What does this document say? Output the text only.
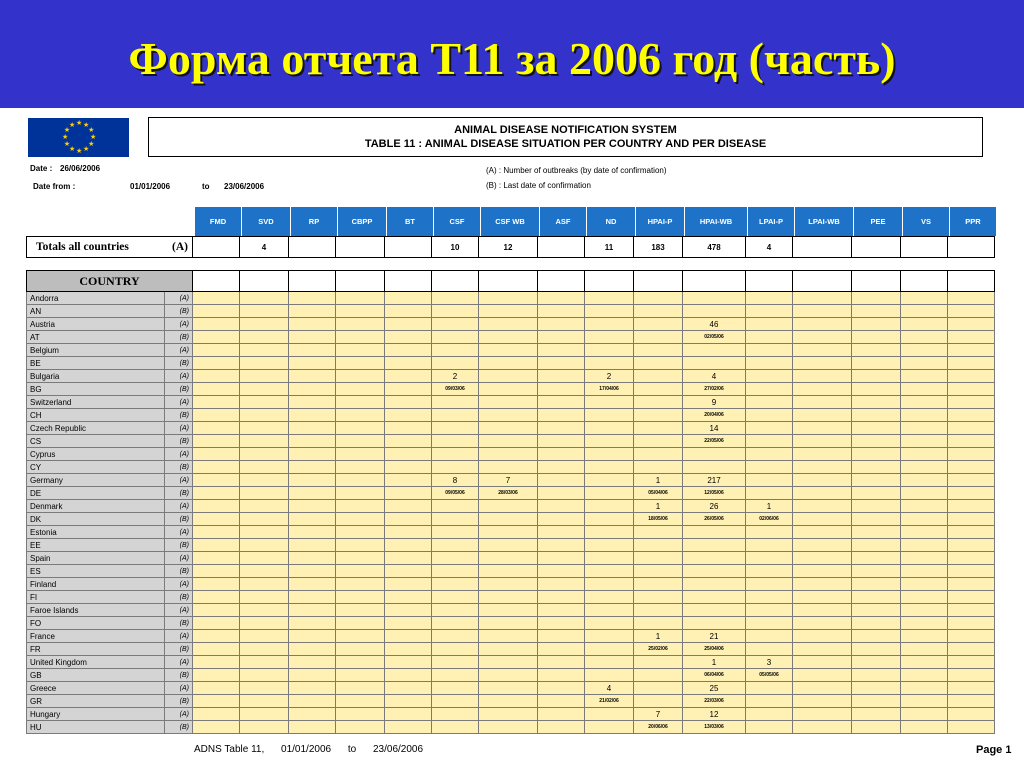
Форма отчета T11 за 2006 год (часть)
★ ★
★
★
★
★
★
★
★
★
★
★	ANIMAL DISEASE NOTIFICATION SYSTEM
TABLE 11 : ANIMAL DISEASE SITUATION PER COUNTRY AND PER DISEASE
Date : 26/06/2006
Date from :	01/01/2006	to 23/06/2006
(A) : Number of outbreaks (by date of confirmation)
(B) : Last date of confirmation
FMD	SVD	RP	CBPP	BT	CSF	CSF WB	ASF	ND	HPAI-P	HPAI-WB	LPAI-P	LPAI-WB	PEE	VS	PPR
Totals all countries	(A)		4				10	12		11	183	478	4				
COUNTRY																	
Andorra	(A)																
AN	(B)																
Austria	(A)											46					
AT	(B)											02/05/06					
Belgium	(A)																
BE	(B)																
Bulgaria	(A)						2			2		4					
BG	(B)						09/03/06			17/04/06		27/02/06					
Switzerland	(A)											9					
CH	(B)											20/04/06					
Czech Republic	(A)											14					
CS	(B)											22/05/06					
Cyprus	(A)																
CY	(B)																
Germany	(A)						8	7			1	217					
DE	(B)						09/05/06	28/03/06			05/04/06	12/05/06					
Denmark	(A)										1	26	1				
DK	(B)										18/05/06	26/05/06	02/06/06				
Estonia	(A)																
EE	(B)																
Spain	(A)																
ES	(B)																
Finland	(A)																
FI	(B)																
Faroe Islands	(A)																
FO	(B)																
France	(A)										1	21					
FR	(B)										25/02/06	25/04/06					
United Kingdom	(A)											1	3				
GB	(B)											06/04/06	05/05/06				
Greece	(A)									4		25					
GR	(B)									21/02/06		22/03/06					
Hungary	(A)										7	12					
HU	(B)										20/06/06	13/03/06					
ADNS Table 11, 01/01/2006 to 23/06/2006	Page 1
